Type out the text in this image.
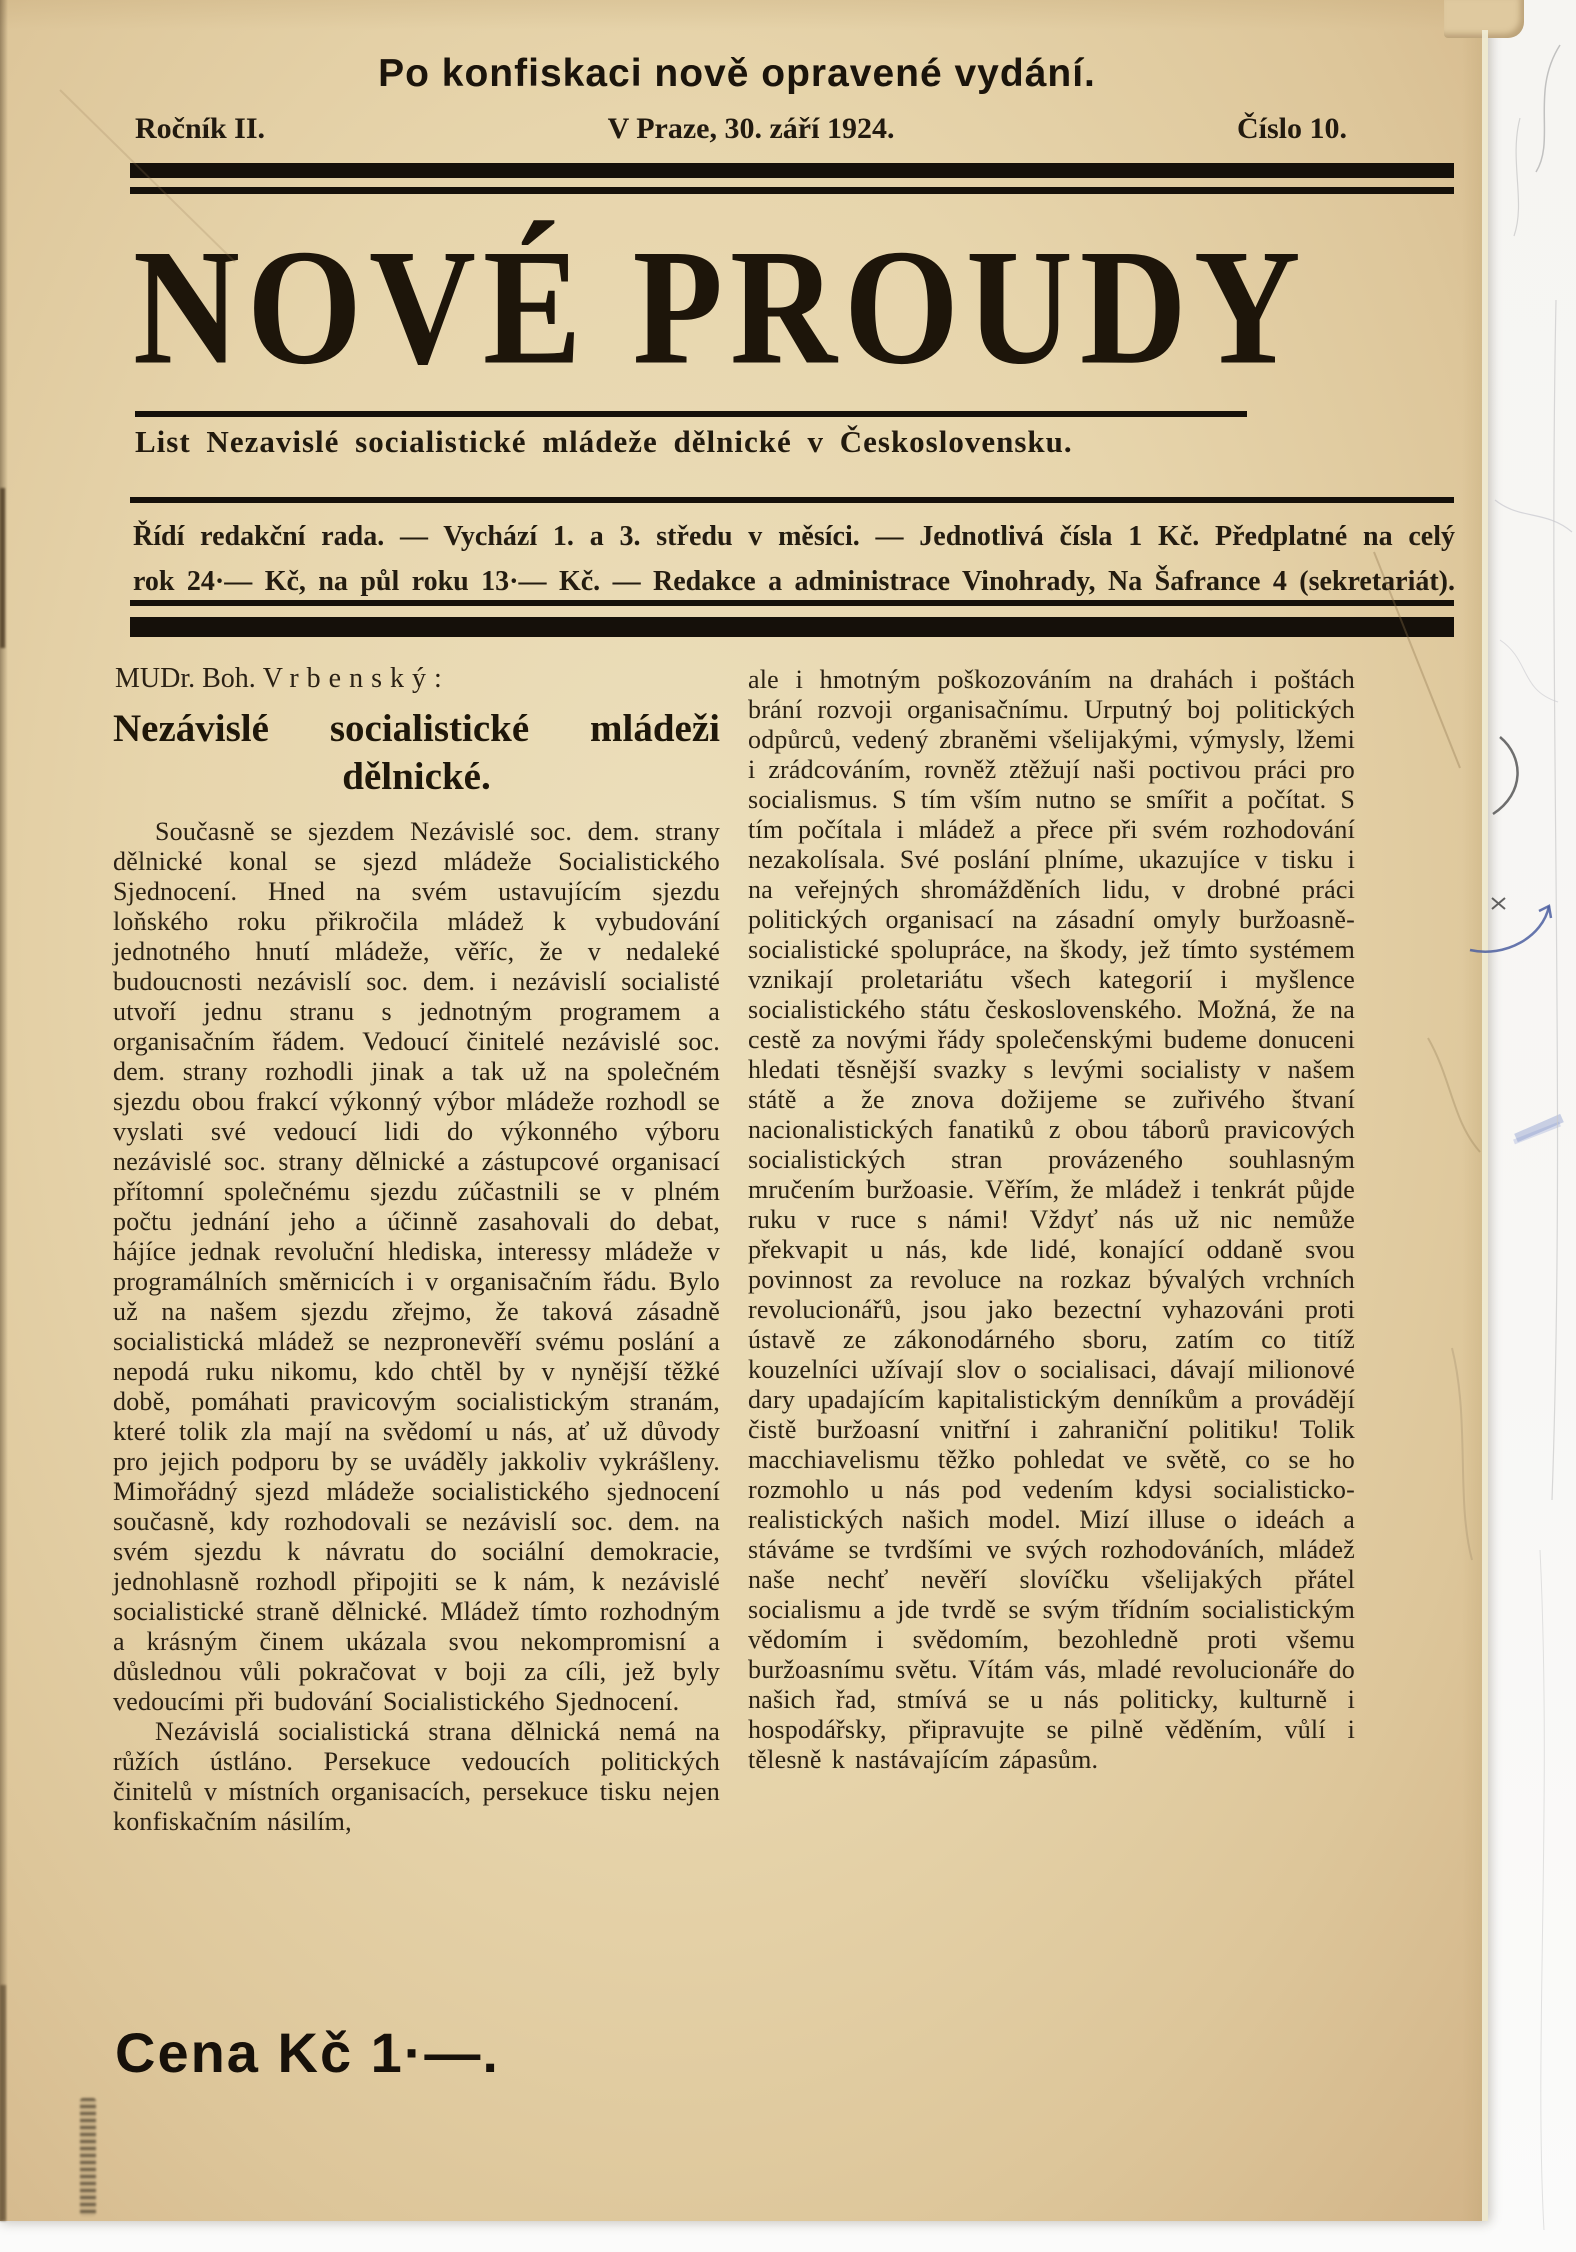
Po konfiskaci nově opravené vydání.
Ročník II.	V Praze, 30. září 1924.	Číslo 10.
NOVÉ PROUDY
List Nezavislé socialistické mládeže dělnické v Československu.
Řídí redakční rada. — Vychází 1. a 3. středu v měsíci. — Jednotlivá čísla 1 Kč. Předplatné na celý
rok 24·— Kč, na půl roku 13·— Kč. — Redakce a administrace Vinohrady, Na Šafrance 4 (sekretariát).
MUDr. Boh. Vrbenský:
Nezávislé socialistické mládeži dělnické.

Současně se sjezdem Nezávislé soc. dem. strany dělnické konal se sjezd mládeže Socialistického Sjednocení. Hned na svém ustavujícím sjezdu loňského roku přikročila mládež k vybudování jednotného hnutí mládeže, věříc, že v nedaleké budoucnosti nezávislí soc. dem. i nezávislí socialisté utvoří jednu stranu s jednotným programem a organisačním řádem. Vedoucí činitelé nezávislé soc. dem. strany rozhodli jinak a tak už na společném sjezdu obou frakcí výkonný výbor mládeže rozhodl se vyslati své vedoucí lidi do výkonného výboru nezávislé soc. strany dělnické a zástupcové organisací přítomní společnému sjezdu zúčastnili se v plném počtu jednání jeho a účinně zasahovali do debat, hájíce jednak revoluční hlediska, interessy mládeže v programálních směrnicích i v organisačním řádu. Bylo už na našem sjezdu zřejmo, že taková zásadně socialistická mládež se nezpronevěří svému poslání a nepodá ruku nikomu, kdo chtěl by v nynější těžké době, pomáhati pravicovým socialistickým stranám, které tolik zla mají na svědomí u nás, ať už důvody pro jejich podporu by se uváděly jakkoliv vykrášleny. Mimořádný sjezd mládeže socialistického sjednocení současně, kdy rozhodovali se nezávislí soc. dem. na svém sjezdu k návratu do sociální demokracie, jednohlasně rozhodl připojiti se k nám, k nezávislé socialistické straně dělnické. Mládež tímto rozhodným a krásným činem ukázala svou nekompromisní a důslednou vůli pokračovat v boji za cíli, jež byly vedoucími při budování Socialistického Sjednocení.

Nezávislá socialistická strana dělnická nemá na růžích ústláno. Persekuce vedoucích politických činitelů v místních organisacích, persekuce tisku nejen konfiskačním násilím,

ale i hmotným poškozováním na drahách i poštách brání rozvoji organisačnímu. Urputný boj politických odpůrců, vedený zbraněmi všelijakými, výmysly, lžemi i zrádcováním, rovněž ztěžují naši poctivou práci pro socialismus. S tím vším nutno se smířit a počítat. S tím počítala i mládež a přece při svém rozhodování nezakolísala. Své poslání plníme, ukazujíce v tisku i na veřejných shromážděních lidu, v drobné práci politických organisací na zásadní omyly buržoasně-socialistické spolupráce, na škody, jež tímto systémem vznikají proletariátu všech kategorií i myšlence socialistického státu československého. Možná, že na cestě za novými řády společenskými budeme donuceni hledati těsnější svazky s levými socialisty v našem státě a že znova dožijeme se zuřivého štvaní nacionalistických fanatiků z obou táborů pravicových socialistických stran provázeného souhlasným mručením buržoasie. Věřím, že mládež i tenkrát půjde ruku v ruce s námi! Vždyť nás už nic nemůže překvapit u nás, kde lidé, konající oddaně svou povinnost za revoluce na rozkaz bývalých vrchních revolucionářů, jsou jako bezectní vyhazováni proti ústavě ze zákonodárného sboru, zatím co titíž kouzelníci užívají slov o socialisaci, dávají milionové dary upadajícím kapitalistickým denníkům a provádějí čistě buržoasní vnitřní i zahraniční politiku! Tolik macchiavelismu těžko pohledat ve světě, co se ho rozmohlo u nás pod vedením kdysi socialisticko-realistických našich model. Mizí illuse o ideách a stáváme se tvrdšími ve svých rozhodováních, mládež naše nechť nevěří slovíčku všelijakých přátel socialismu a jde tvrdě se svým třídním socialistickým vědomím i svědomím, bezohledně proti všemu buržoasnímu světu. Vítám vás, mladé revolucionáře do našich řad, stmívá se u nás politicky, kulturně i hospodářsky, připravujte se pilně věděním, vůlí i tělesně k nastávajícím zápasům.

Cena Kč 1·—.
